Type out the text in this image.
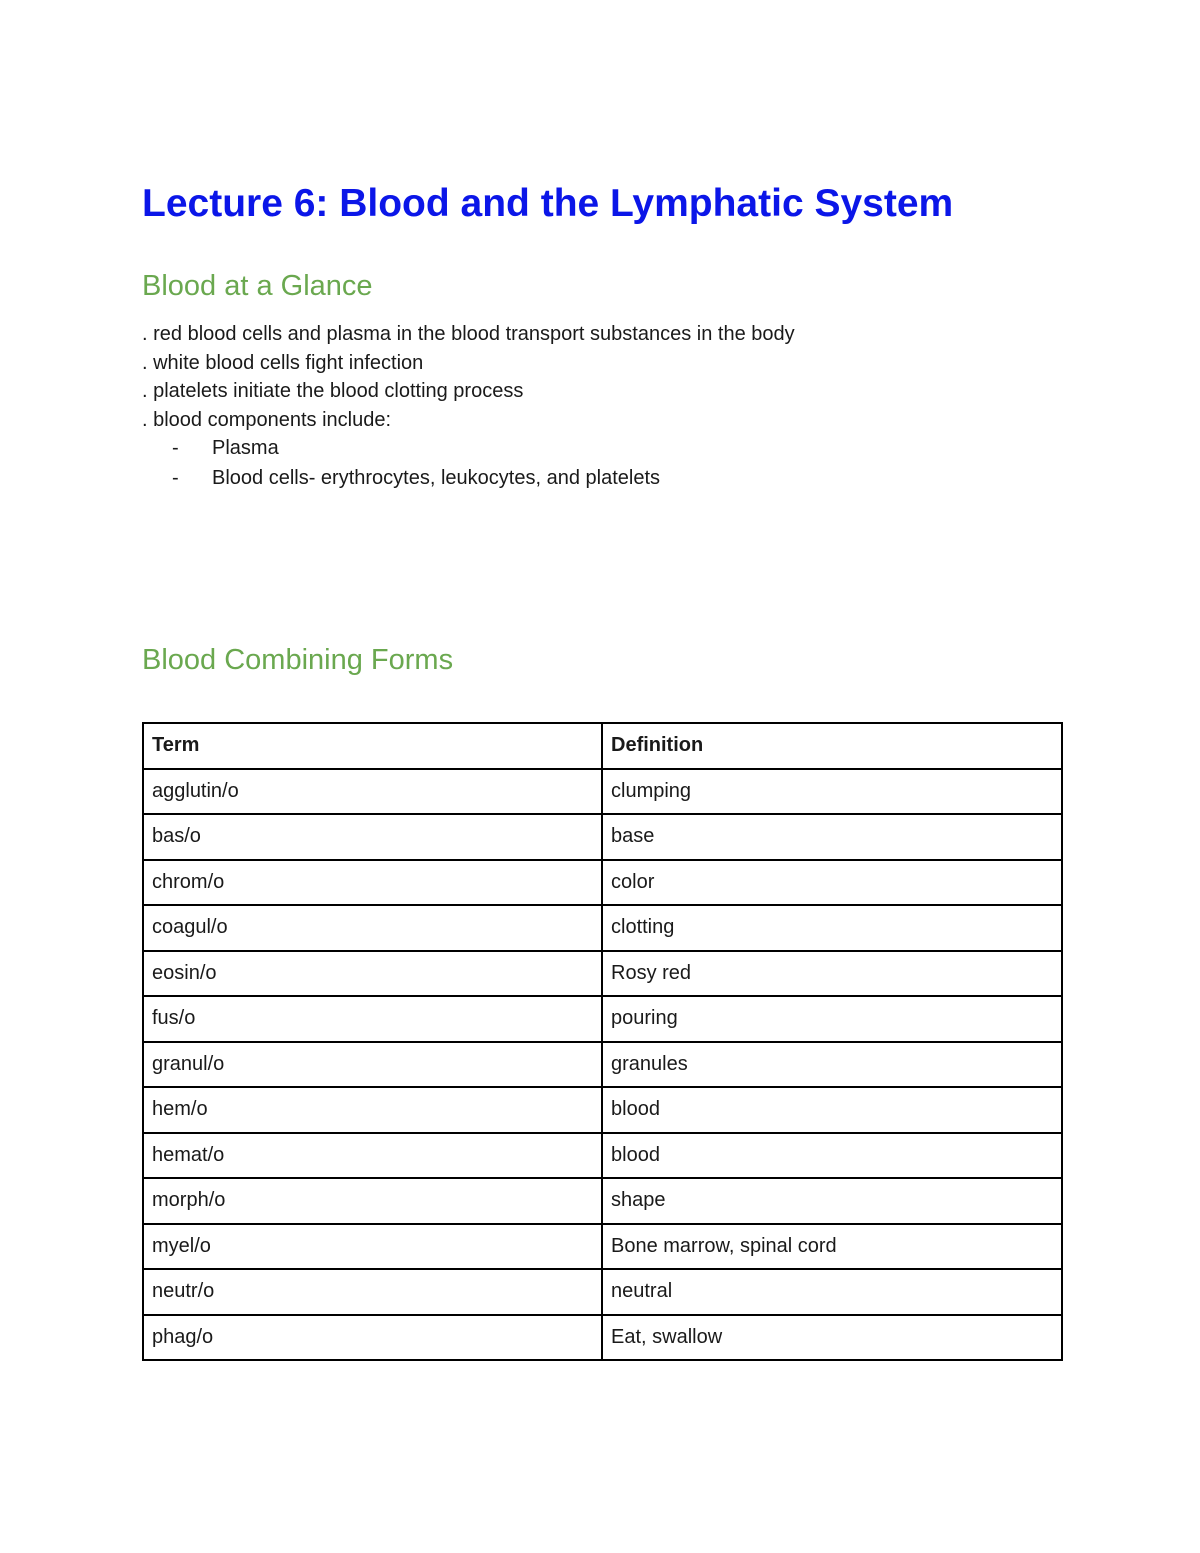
Lecture 6: Blood and the Lymphatic System
Blood at a Glance
. red blood cells and plasma in the blood transport substances in the body
. white blood cells fight infection
. platelets initiate the blood clotting process
. blood components include:
- Plasma
- Blood cells- erythrocytes, leukocytes, and platelets
Blood Combining Forms
Term	Definition
agglutin/o	clumping
bas/o	base
chrom/o	color
coagul/o	clotting
eosin/o	Rosy red
fus/o	pouring
granul/o	granules
hem/o	blood
hemat/o	blood
morph/o	shape
myel/o	Bone marrow, spinal cord
neutr/o	neutral
phag/o	Eat, swallow
